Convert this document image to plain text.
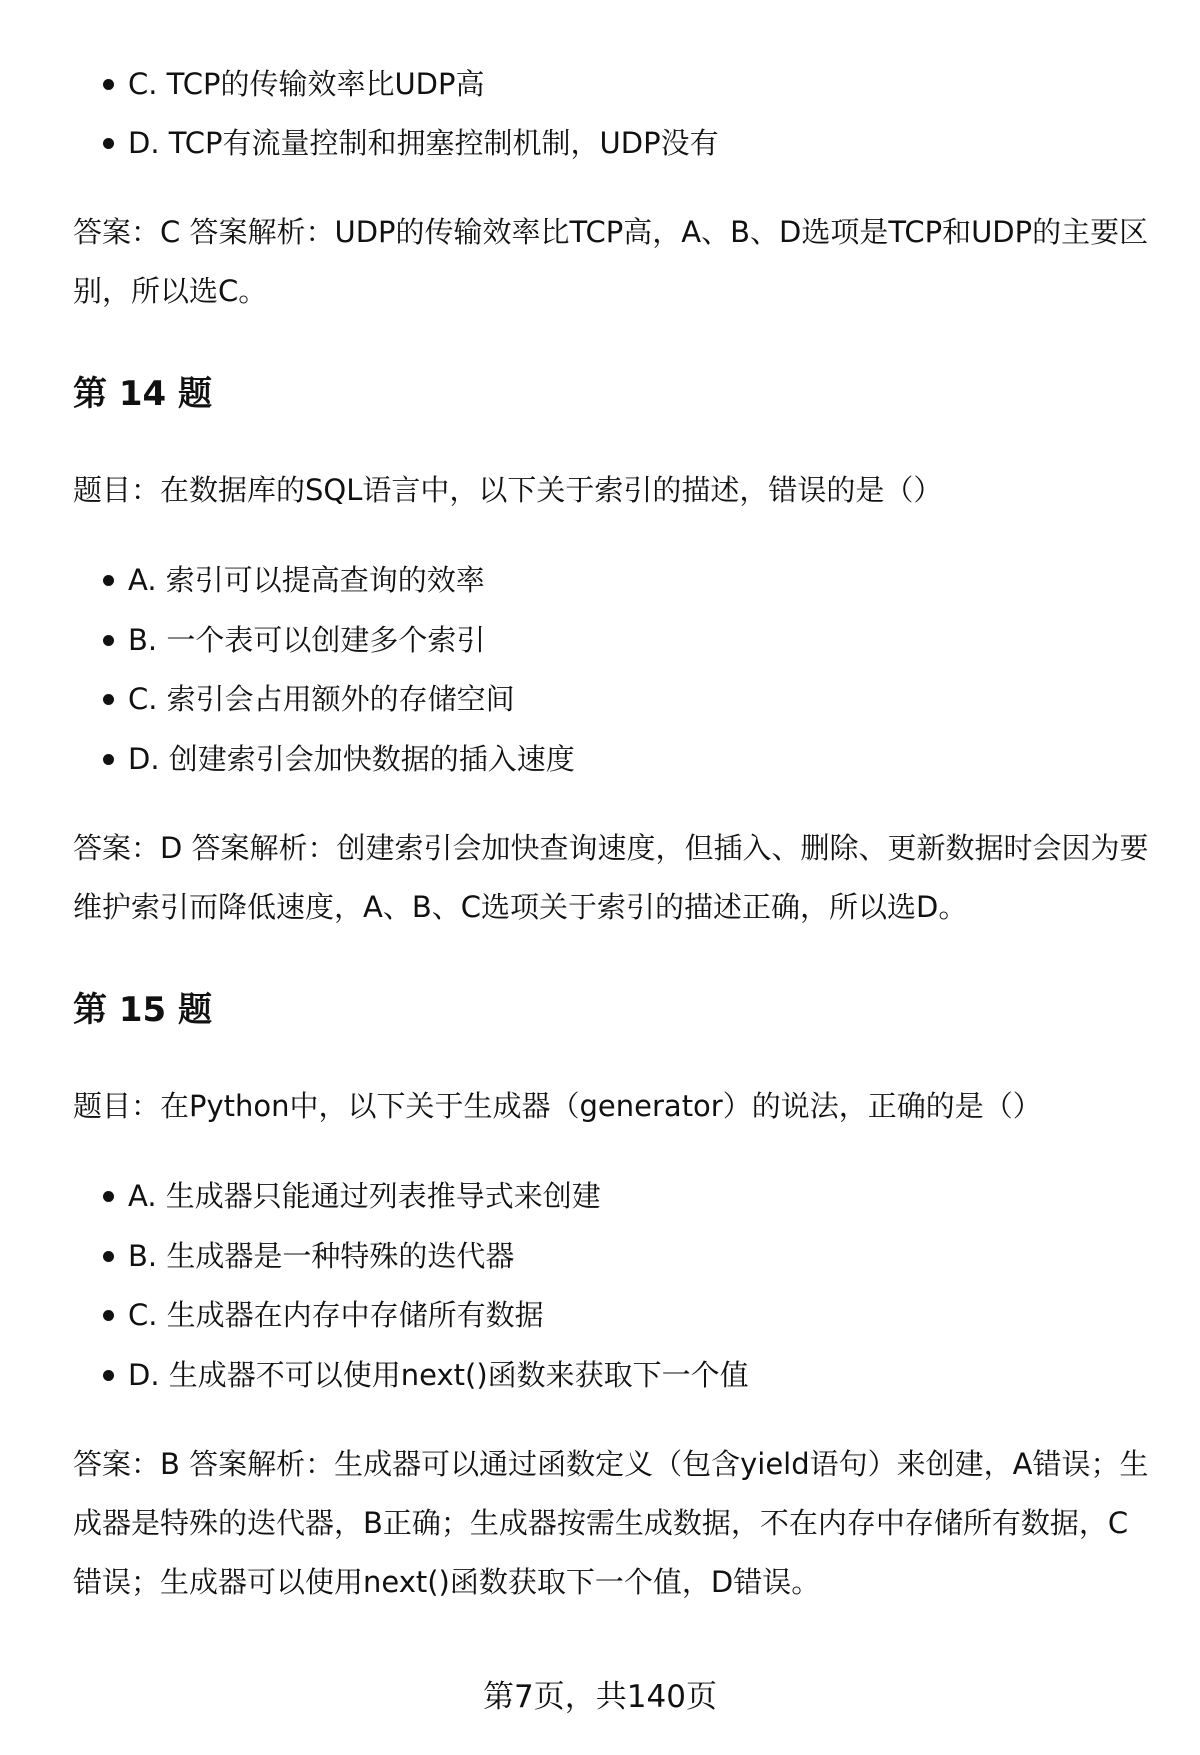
C. TCP的传输效率比UDP高
D. TCP有流量控制和拥塞控制机制，UDP没有

答案：C 答案解析：UDP的传输效率比TCP高，A、B、D选项是TCP和UDP的主要区别，所以选C。

第 14 题

题目：在数据库的SQL语言中，以下关于索引的描述，错误的是（）

A. 索引可以提高查询的效率
B. 一个表可以创建多个索引
C. 索引会占用额外的存储空间
D. 创建索引会加快数据的插入速度

答案：D 答案解析：创建索引会加快查询速度，但插入、删除、更新数据时会因为要维护索引而降低速度，A、B、C选项关于索引的描述正确，所以选D。

第 15 题

题目：在Python中，以下关于生成器（generator）的说法，正确的是（）

A. 生成器只能通过列表推导式来创建
B. 生成器是一种特殊的迭代器
C. 生成器在内存中存储所有数据
D. 生成器不可以使用next()函数来获取下一个值

答案：B 答案解析：生成器可以通过函数定义（包含yield语句）来创建，A错误；生成器是特殊的迭代器，B正确；生成器按需生成数据，不在内存中存储所有数据，C错误；生成器可以使用next()函数获取下一个值，D错误。

第7页，共140页
